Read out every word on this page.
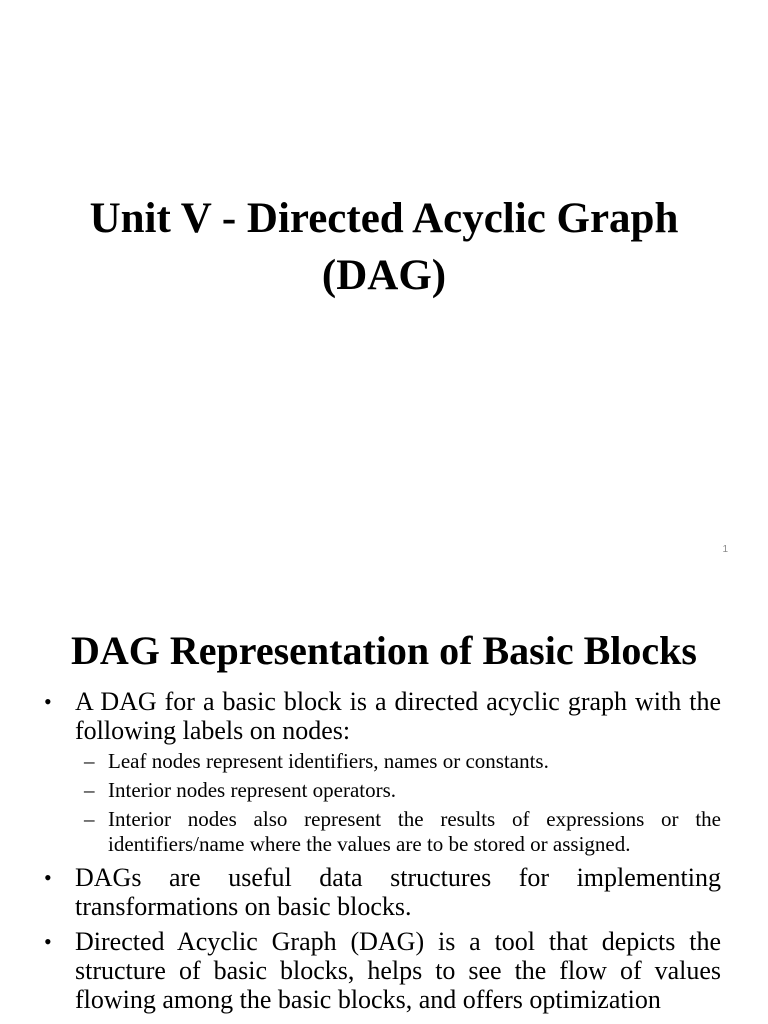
Unit V - Directed Acyclic Graph (DAG)
1
DAG Representation of Basic Blocks
• A DAG for a basic block is a directed acyclic graph with the following labels on nodes:
– Leaf nodes represent identifiers, names or constants.
– Interior nodes represent operators.
– Interior nodes also represent the results of expressions or the identifiers/name where the values are to be stored or assigned.
• DAGs are useful data structures for implementing transformations on basic blocks.
• Directed Acyclic Graph (DAG) is a tool that depicts the structure of basic blocks, helps to see the flow of values flowing among the basic blocks, and offers optimization
